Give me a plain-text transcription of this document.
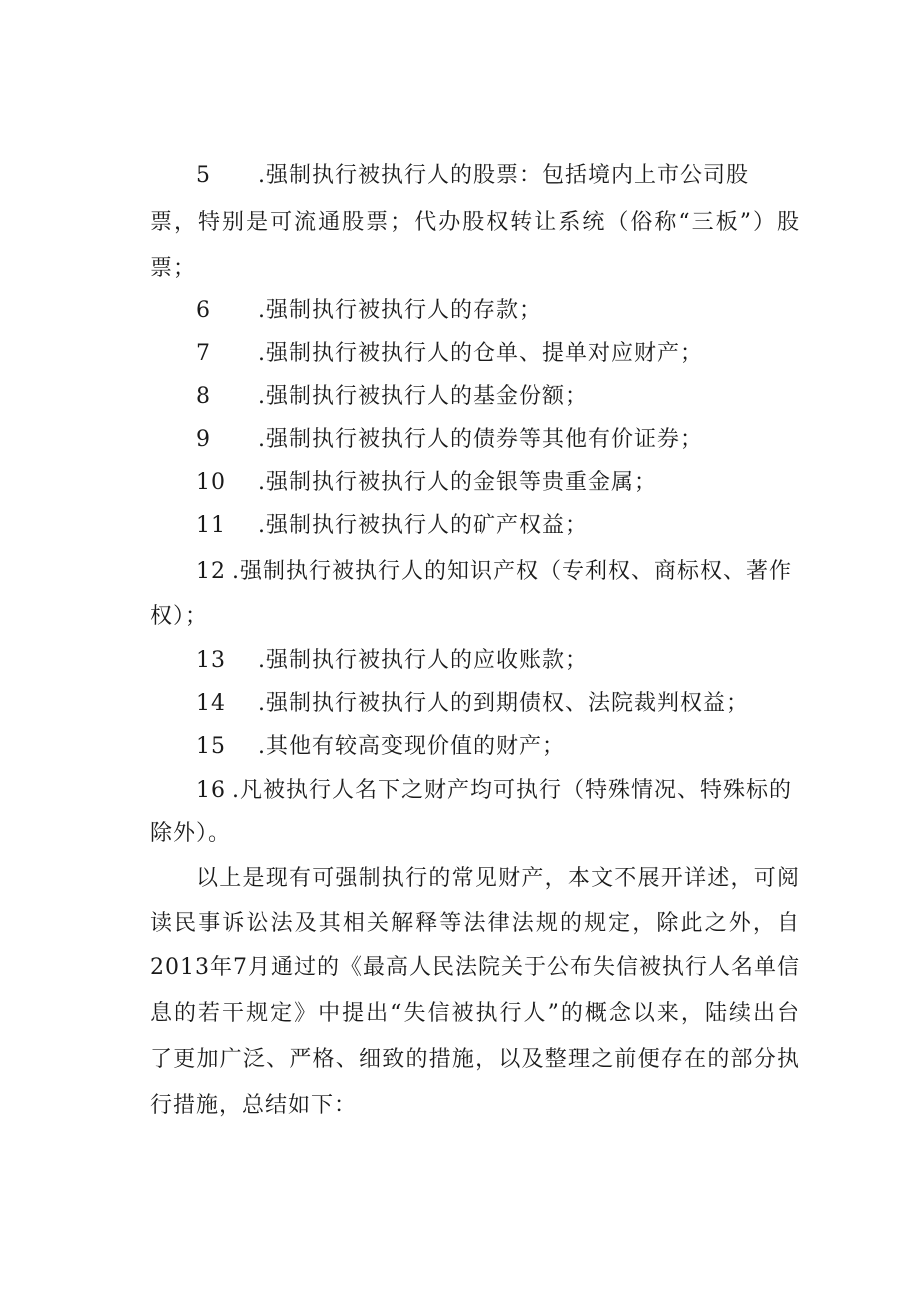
5 .强制执行被执行人的股票：包括境内上市公司股
票，特别是可流通股票；代办股权转让系统（俗称“三板”）股
票；
6 .强制执行被执行人的存款；
7 .强制执行被执行人的仓单、提单对应财产；
8 .强制执行被执行人的基金份额；
9 .强制执行被执行人的债券等其他有价证券；
10 .强制执行被执行人的金银等贵重金属；
11 .强制执行被执行人的矿产权益；
12 .强制执行被执行人的知识产权（专利权、商标权、著作
权）；
13 .强制执行被执行人的应收账款；
14 .强制执行被执行人的到期债权、法院裁判权益；
15 .其他有较高变现价值的财产；
16 .凡被执行人名下之财产均可执行（特殊情况、特殊标的
除外）。
以上是现有可强制执行的常见财产，本文不展开详述，可阅
读民事诉讼法及其相关解释等法律法规的规定，除此之外，自
2013年7月通过的《最高人民法院关于公布失信被执行人名单信
息的若干规定》中提出“失信被执行人”的概念以来，陆续出台
了更加广泛、严格、细致的措施，以及整理之前便存在的部分执
行措施，总结如下：
